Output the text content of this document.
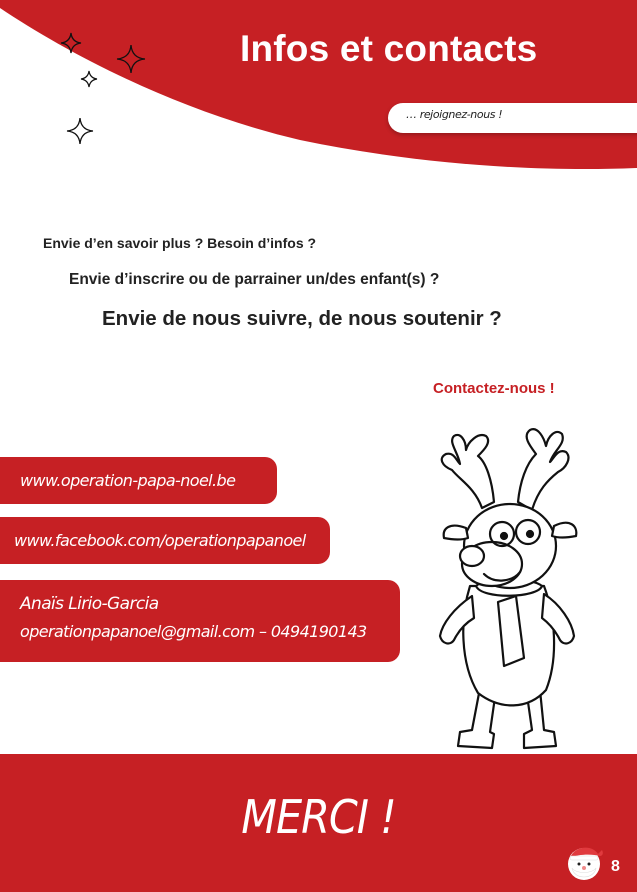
Infos et contacts
… rejoignez-nous !
Envie d’en savoir plus ? Besoin d’infos ?
Envie d’inscrire ou de parrainer un/des enfant(s) ?
Envie de nous suivre, de nous soutenir ?
Contactez-nous !
www.operation-papa-noel.be
www.facebook.com/operationpapanoel
Anaïs Lirio-Garcia
operationpapanoel@gmail.com – 0494190143
MERCI !
8
